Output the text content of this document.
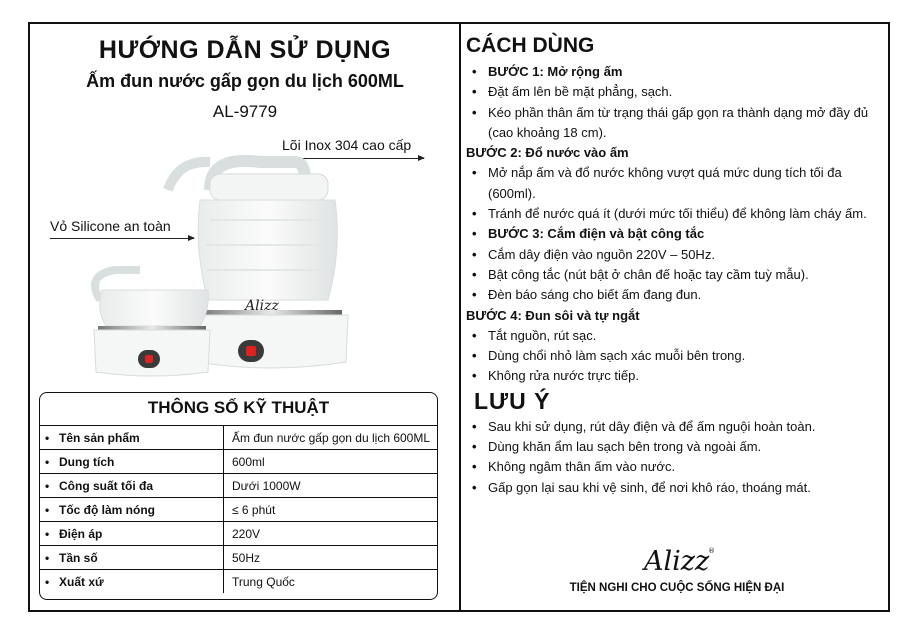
HƯỚNG DẪN SỬ DỤNG
Ấm đun nước gấp gọn du lịch 600ML
AL-9779
Lõi Inox 304 cao cấp
Vỏ Silicone an toàn
Alizz
THÔNG SỐ KỸ THUẬT
• Tên sản phẩm	Ấm đun nước gấp gọn du lịch 600ML
• Dung tích	600ml
• Công suất tối đa	Dưới 1000W
• Tốc độ làm nóng	≤ 6 phút
• Điện áp	220V
• Tần số	50Hz
• Xuất xứ	Trung Quốc
CÁCH DÙNG
• BƯỚC 1: Mở rộng ấm
• Đặt ấm lên bề mặt phẳng, sạch.
• Kéo phần thân ấm từ trạng thái gấp gọn ra thành dạng mở đầy đủ (cao khoảng 18 cm).
BƯỚC 2: Đổ nước vào ấm
• Mở nắp ấm và đổ nước không vượt quá mức dung tích tối đa (600ml).
• Tránh để nước quá ít (dưới mức tối thiểu) để không làm cháy ấm.
• BƯỚC 3: Cắm điện và bật công tắc
• Cắm dây điện vào nguồn 220V – 50Hz.
• Bật công tắc (nút bật ở chân đế hoặc tay cầm tuỳ mẫu).
• Đèn báo sáng cho biết ấm đang đun.
BƯỚC 4: Đun sôi và tự ngắt
• Tắt nguồn, rút sạc.
• Dùng chổi nhỏ làm sạch xác muỗi bên trong.
• Không rửa nước trực tiếp.
LƯU Ý
• Sau khi sử dụng, rút dây điện và để ấm nguội hoàn toàn.
• Dùng khăn ẩm lau sạch bên trong và ngoài ấm.
• Không ngâm thân ấm vào nước.
• Gấp gọn lại sau khi vệ sinh, để nơi khô ráo, thoáng mát.
Alizz
®
TIỆN NGHI CHO CUỘC SỐNG HIỆN ĐẠI
